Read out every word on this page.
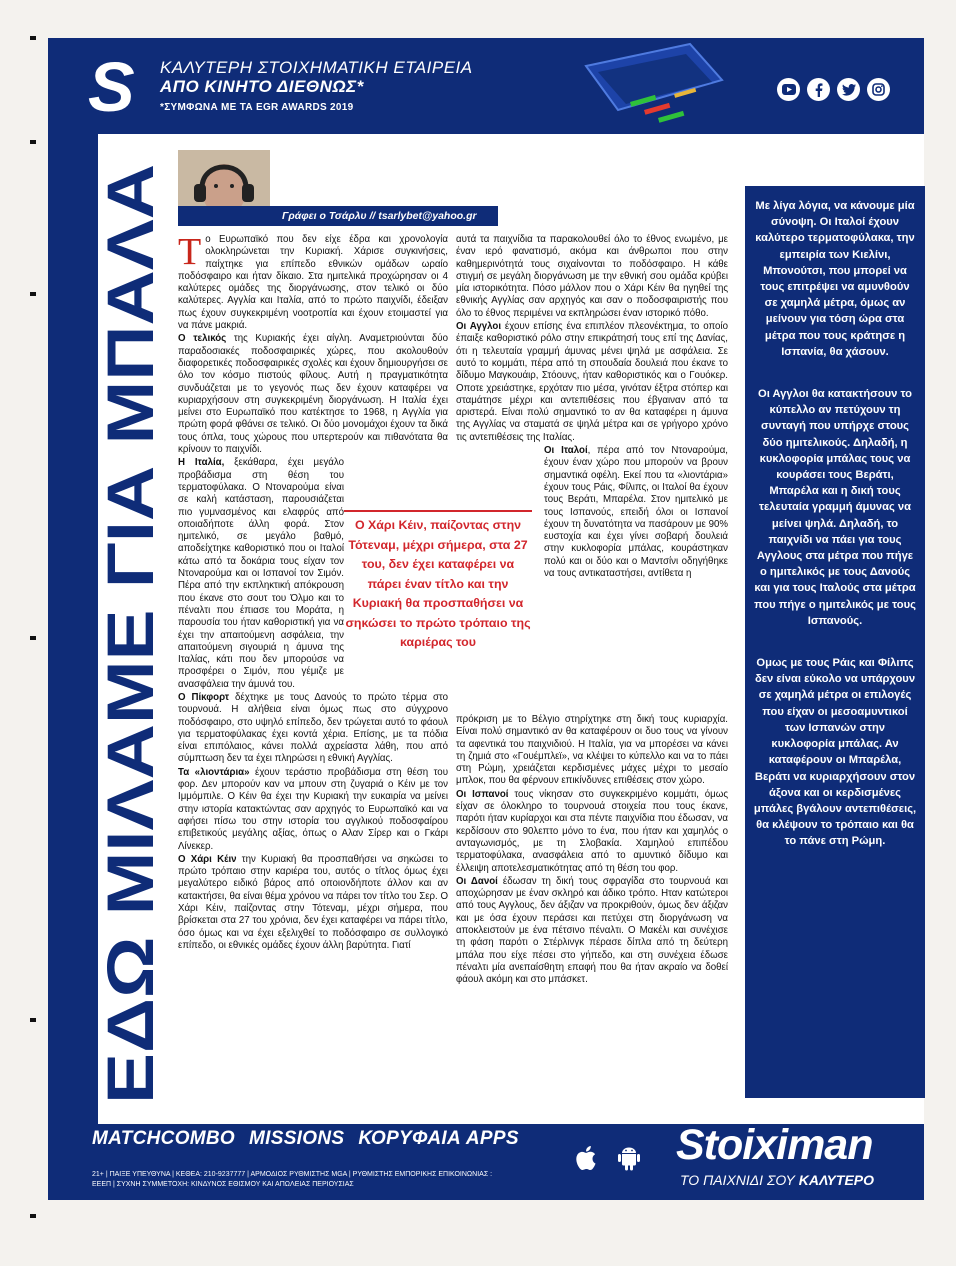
S ΚΑΛΥΤΕΡΗ ΣΤΟΙΧΗΜΑΤΙΚΗ ΕΤΑΙΡΕΙΑ
ΑΠΟ ΚΙΝΗΤΟ ΔΙΕΘΝΩΣ*
*ΣΥΜΦΩΝΑ ΜΕ ΤΑ EGR AWARDS 2019
ΕΔΩ ΜΙΛΑΜΕ ΓΙΑ ΜΠΑΛΑ
Γράφει ο Τσάρλυ // tsarlybet@yahoo.gr

Το Ευρωπαϊκό που δεν είχε έδρα και χρονολογία ολοκληρώνεται την Κυριακή. Χάρισε συγκινήσεις, παίχτηκε για επίπεδο εθνικών ομάδων ωραίο ποδόσφαιρο και ήταν δίκαιο. Στα ημιτελικά προχώρησαν οι 4 καλύτερες ομάδες της διοργάνωσης, στον τελικό οι δύο καλύτερες. Αγγλία και Ιταλία, από το πρώτο παιχνίδι, έδειξαν πως έχουν συγκεκριμένη νοοτροπία και έχουν ετοιμαστεί για να πάνε μακριά.

Ο τελικός της Κυριακής έχει αίγλη. Αναμετριούνται δύο παραδοσιακές ποδοσφαιρικές χώρες, που ακολουθούν διαφορετικές ποδοσφαιρικές σχολές και έχουν δημιουργήσει σε όλο τον κόσμο πιστούς φίλους. Αυτή η πραγματικότητα συνδυάζεται με το γεγονός πως δεν έχουν καταφέρει να κυριαρχήσουν στη συγκεκριμένη διοργάνωση. Η Ιταλία έχει μείνει στο Ευρωπαϊκό που κατέκτησε το 1968, η Αγγλία για πρώτη φορά φθάνει σε τελικό. Οι δύο μονομάχοι έχουν τα δικά τους όπλα, τους χώρους που υπερτερούν και πιθανότατα θα κρίνουν το παιχνίδι.

Η Ιταλία, ξεκάθαρα, έχει μεγάλο προβάδισμα στη θέση του τερματοφύλακα. Ο Ντοναρούμα είναι σε καλή κατάσταση, παρουσιάζεται πιο γυμνασμένος και ελαφρύς από οποιαδήποτε άλλη φορά. Στον ημιτελικό, σε μεγάλο βαθμό, αποδείχτηκε καθοριστικό που οι Ιταλοί κάτω από τα δοκάρια τους είχαν τον Ντοναρούμα και οι Ισπανοί τον Σιμόν. Πέρα από την εκπληκτική απόκρουση που έκανε στο σουτ του Όλμο και το πέναλτι που έπιασε του Μοράτα, η παρουσία του ήταν καθοριστική για να έχει την απαιτούμενη ασφάλεια, την απαιτούμενη σιγουριά η άμυνα της Ιταλίας, κάτι που δεν μπορούσε να προσφέρει ο Σιμόν, που γέμιζε με ανασφάλεια την άμυνά του.

Ο Πίκφορτ δέχτηκε με τους Δανούς το πρώτο τέρμα στο τουρνουά. Η αλήθεια είναι όμως πως στο σύγχρονο ποδόσφαιρο, στο υψηλό επίπεδο, δεν τρώγεται αυτό το φάουλ για τερματοφύλακας έχει κοντά χέρια. Επίσης, με τα πόδια είναι επιπόλαιος, κάνει πολλά αχρείαστα λάθη, που από σύμπτωση δεν τα έχει πληρώσει η εθνική Αγγλίας.

Τα «λιοντάρια» έχουν τεράστιο προβάδισμα στη θέση του φορ. Δεν μπορούν καν να μπουν στη ζυγαριά ο Κέιν με τον Ιμμόμπιλε. Ο Κέιν θα έχει την Κυριακή την ευκαιρία να μείνει στην ιστορία κατακτώντας σαν αρχηγός το Ευρωπαϊκό και να αφήσει πίσω του στην ιστορία του αγγλικού ποδοσφαίρου επιβετικούς μεγάλης αξίας, όπως ο Αλαν Σίρερ και ο Γκάρι Λίνεκερ.

Ο Χάρι Κέιν την Κυριακή θα προσπαθήσει να σηκώσει το πρώτο τρόπαιο στην καριέρα του, αυτός ο τίτλος όμως έχει μεγαλύτερο ειδικό βάρος από οποιονδήποτε άλλον και αν κατακτήσει, θα είναι θέμα χρόνου να πάρει τον τίτλο του Σερ. Ο Χάρι Κέιν, παίζοντας στην Τότεναμ, μέχρι σήμερα, που βρίσκεται στα 27 του χρόνια, δεν έχει καταφέρει να πάρει τίτλο, όσο όμως και να έχει εξελιχθεί το ποδόσφαιρο σε συλλογικό επίπεδο, οι εθνικές ομάδες έχουν άλλη βαρύτητα. Γιατί

αυτά τα παιχνίδια τα παρακολουθεί όλο το έθνος ενωμένο, με έναν ιερό φανατισμό, ακόμα και άνθρωποι που στην καθημερινότητά τους σιχαίνονται το ποδόσφαιρο. Η κάθε στιγμή σε μεγάλη διοργάνωση με την εθνική σου ομάδα κρύβει μία ιστορικότητα. Πόσο μάλλον που ο Χάρι Κέιν θα ηγηθεί της εθνικής Αγγλίας σαν αρχηγός και σαν ο ποδοσφαιριστής που όλο το έθνος περιμένει να εκπληρώσει έναν ιστορικό πόθο.

Οι Αγγλοι έχουν επίσης ένα επιπλέον πλεονέκτημα, το οποίο έπαιξε καθοριστικό ρόλο στην επικράτησή τους επί της Δανίας, ότι η τελευταία γραμμή άμυνας μένει ψηλά με ασφάλεια. Σε αυτό το κομμάτι, πέρα από τη σπουδαία δουλειά που έκανε το δίδυμο Μαγκουάιρ, Στόουνς, ήταν καθοριστικός και ο Γουόκερ. Οποτε χρειάστηκε, ερχόταν πιο μέσα, γινόταν έξτρα στόπερ και σταμάτησε μέχρι και αντεπιθέσεις που έβγαιναν από τα αριστερά. Είναι πολύ σημαντικό το αν θα καταφέρει η άμυνα της Αγγλίας να σταματά σε ψηλά μέτρα και σε γρήγορο χρόνο τις αντεπιθέσεις της Ιταλίας.

Οι Ιταλοί, πέρα από τον Ντοναρούμα, έχουν έναν χώρο που μπορούν να βρουν σημαντικά οφέλη. Εκεί που τα «λιοντάρια» έχουν τους Ράις, Φίλιπς, οι Ιταλοί θα έχουν τους Βεράτι, Μπαρέλα. Στον ημιτελικό με τους Ισπανούς, επειδή όλοι οι Ισπανοί έχουν τη δυνατότητα να πασάρουν με 90% ευστοχία και έχει γίνει σοβαρή δουλειά στην κυκλοφορία μπάλας, κουράστηκαν πολύ και οι δύο και ο Μαντσίνι οδηγήθηκε να τους αντικαταστήσει, αντίθετα η

πρόκριση με το Βέλγιο στηρίχτηκε στη δική τους κυριαρχία. Είναι πολύ σημαντικό αν θα καταφέρουν οι δυο τους να γίνουν τα αφεντικά του παιχνιδιού. Η Ιταλία, για να μπορέσει να κάνει τη ζημιά στο «Γουέμπλεϊ», να κλέψει το κύπελλο και να το πάει στη Ρώμη, χρειάζεται κερδισμένες μάχες μέχρι το μεσαίο μπλοκ, που θα φέρνουν επικίνδυνες επιθέσεις στον χώρο.

Οι Ισπανοί τους νίκησαν στο συγκεκριμένο κομμάτι, όμως είχαν σε όλοκληρο το τουρνουά στοιχεία που τους έκανε, παρότι ήταν κυρίαρχοι και στα πέντε παιχνίδια που έδωσαν, να κερδίσουν στο 90λεπτο μόνο το ένα, που ήταν και χαμηλός ο ανταγωνισμός, με τη Σλοβακία. Χαμηλού επιπέδου τερματοφύλακα, ανασφάλεια από το αμυντικό δίδυμο και έλλειψη αποτελεσματικότητας από τη θέση του φορ.

Οι Δανοί έδωσαν τη δική τους σφραγίδα στο τουρνουά και αποχώρησαν με έναν σκληρό και άδικο τρόπο. Ηταν κατώτεροι από τους Αγγλους, δεν άξιζαν να προκριθούν, όμως δεν άξιζαν και με όσα έχουν περάσει και πετύχει στη διοργάνωση να αποκλειστούν με ένα πέτσινο πέναλτι. Ο Μακέλι και συνέχισε τη φάση παρότι ο Στέρλινγκ πέρασε δίπλα από τη δεύτερη μπάλα που είχε πέσει στο γήπεδο, και στη συνέχεια έδωσε πέναλτι μία ανεπαίσθητη επαφή που θα ήταν ακραίο να δοθεί φάουλ ακόμη και στο μπάσκετ.

Ο Χάρι Κέιν, παίζοντας στην Τότεναμ, μέχρι σήμερα, στα 27 του, δεν έχει καταφέρει να πάρει έναν τίτλο και την Κυριακή θα προσπαθήσει να σηκώσει το πρώτο τρόπαιο της καριέρας του

Με λίγα λόγια, να κάνουμε μία σύνοψη. Οι Ιταλοί έχουν καλύτερο τερματοφύλακα, την εμπειρία των Κιελίνι, Μπονούτσι, που μπορεί να τους επιτρέψει να αμυνθούν σε χαμηλά μέτρα, όμως αν μείνουν για τόση ώρα στα μέτρα που τους κράτησε η Ισπανία, θα χάσουν.

Οι Αγγλοι θα κατακτήσουν το κύπελλο αν πετύχουν τη συνταγή που υπήρχε στους δύο ημιτελικούς. Δηλαδή, η κυκλοφορία μπάλας τους να κουράσει τους Βεράτι, Μπαρέλα και η δική τους τελευταία γραμμή άμυνας να μείνει ψηλά. Δηλαδή, το παιχνίδι να πάει για τους Αγγλους στα μέτρα που πήγε ο ημιτελικός με τους Δανούς και για τους Ιταλούς στα μέτρα που πήγε ο ημιτελικός με τους Ισπανούς.

Ομως με τους Ράις και Φίλιπς δεν είναι εύκολο να υπάρχουν σε χαμηλά μέτρα οι επιλογές που είχαν οι μεσοαμυντικοί των Ισπανών στην κυκλοφορία μπάλας. Αν καταφέρουν οι Μπαρέλα, Βεράτι να κυριαρχήσουν στον άξονα και οι κερδισμένες μπάλες βγάλουν αντεπιθέσεις, θα κλέψουν το τρόπαιο και θα το πάνε στη Ρώμη.

MATCHCOMBO MISSIONS ΚΟΡΥΦΑΙΑ APPS
21+ | ΠΑΙΞΕ ΥΠΕΥΘΥΝΑ | ΚΕΘΕΑ: 210-9237777 | ΑΡΜΟΔΙΟΣ ΡΥΘΜΙΣΤΗΣ MGA | ΡΥΘΜΙΣΤΗΣ ΕΜΠΟΡΙΚΗΣ ΕΠΙΚΟΙΝΩΝΙΑΣ : ΕΕΕΠ | ΣΥΧΝΗ ΣΥΜΜΕΤΟΧΗ: ΚΙΝΔΥΝΟΣ ΕΘΙΣΜΟΥ ΚΑΙ ΑΠΩΛΕΙΑΣ ΠΕΡΙΟΥΣΙΑΣ
Stoiximan
ΤΟ ΠΑΙΧΝΙΔΙ ΣΟΥ ΚΑΛΥΤΕΡΟ
